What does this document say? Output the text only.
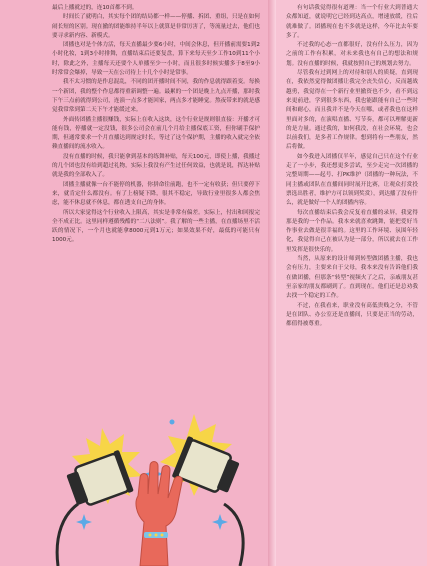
最后上播就过的，连10首都不到。

时间长了就明白，其实每个团的结局都一样——停播、拆团、重组，只是在如何闹长短的区别。现在撤的团能维持半年以上就算是非常厉害了，等流量过去，他们也要寻求新内容、新模式。

团播也对是个体力活，每天直播最少要6小时，中间会休息，但开播前需要1到2小时化妆，1到3小时排舞，直播结束后还要复盘，算下来每天至少工作10到11个小时，除此之外，主播每天还要个人单播至少一小时，而且很多时候实播多于8至9小时常常会爆掉，导致一天在公司待上十几个小时是常事。

我不太习惯的是作息混乱，不同的团开播时间不同，我的作息就得跟着变。每换一个新团，我的整个作息都得重新调整一遍。最累的一个团是晚上九点开播，那时我下午三点前就得到公司，连演一点多才能回家，两点多才能睡觉。熬夜带来的就是感觉我常常到第二天下午才能缓过来。

外面传团播主播很赚钱，实际上在收入这块，这个行业是规则很直接：开播才可能有钱，停播就一定没钱，很多公司会在前几个月给主播保底工资，但你刷手保护期，但通常要求一个月直播达到规定时长，等过了这个保护期，主播的收入就完全依赖直播间的流水收入。

没有直播的时候，我只能拿到基本的练舞补贴，每天100元，即使上播，我播过的几个团也没有给到超过礼物，实际上我没有产生过任何效益，也就是说，挥达补贴就是我的全部收入了。

团播主播就像一台不能停的机器，你拼命往前跑，也不一定有收获；但只要停下来，就肯定什么都没有。有了上榜疑下降，很其不稳定，导致行业里很多人都会焦虑，能不休息就不休息，都在透支自己的身体。

所以大家觉得这个行业收入上限高，其实是非常有偏差。实际上，付出和回报完全不成正比。这里同样遵循残酷的“二八法则”。我了解的一些主播，在直播场里不活跃的情况下，一个月也就能拿8000元到1万元；如果效果不好，最低的可能只有1000元。

有句话我觉得很有道理：当一个行业大到普通大众都知道，就说明它已经到达高点，增速放缓，往后就难做了。团播现在也不多就是这样，今年比去年要多了。

不过我的心态一直都很好，没有什么压力，因为之前的工作有积累，对未来我也有自己的想法和规划。没有直播的时候，我就按照自己的规划去努力。

尽管我有过到网上的对待和别人的质疑，直到现在，我依然觉得做团播让我完全丧失信心，反而越战越勇，我觉得在一个新行业里撤资也不少，看不到远来更前进，学到很多东西，我也能跟能有自己一些时间和耐心，而且我并不是今天在哪，或者我也在这样里面对多的，在演唱直播、写节奏，都可以理解更新的是力量。通过我的，如何我没，在社会环境，也会以前我们，是多者工作规律。想到将有一些朋友，然后将做。

如今我进入团播仅半年，感觉自己只在这个行业走了一小步，我还想更多尝试，至少走完一次团播的完整周期——起号、打PK维护（团播的一种玩法，不同主播或团队在直播间同时展开比赛，让观众打赏投票选出胜者，维护方可以领到奖赏），到达播了没有什么，就是做好一个人的团播内容。

每次直播结束后我会反复看直播的录屏，我觉得那是我的一个作品。我本来就喜欢跳舞，能把爱好当作事业去做是很幸福的。这里的工作环境、氛围年轻化，我觉得自己在被认为是一部分，所以就去在工作里发挥是很快乐的。

当然，从原来的设计师到转型做团播主播，我也会有压力，主要来自于父母，我本来没有告诉他们我在做团播，但那条“转型”视频火了之后，亲戚朋友甚至亲家的朋友都刷到了。直到现在，他们还是总劝我去找一个稳定的工作。

不过，在我看来，职业没有高低贵贱之分，不管是在团队、办公室还是直播间，只要是正当的劳动，都值得被尊重。
